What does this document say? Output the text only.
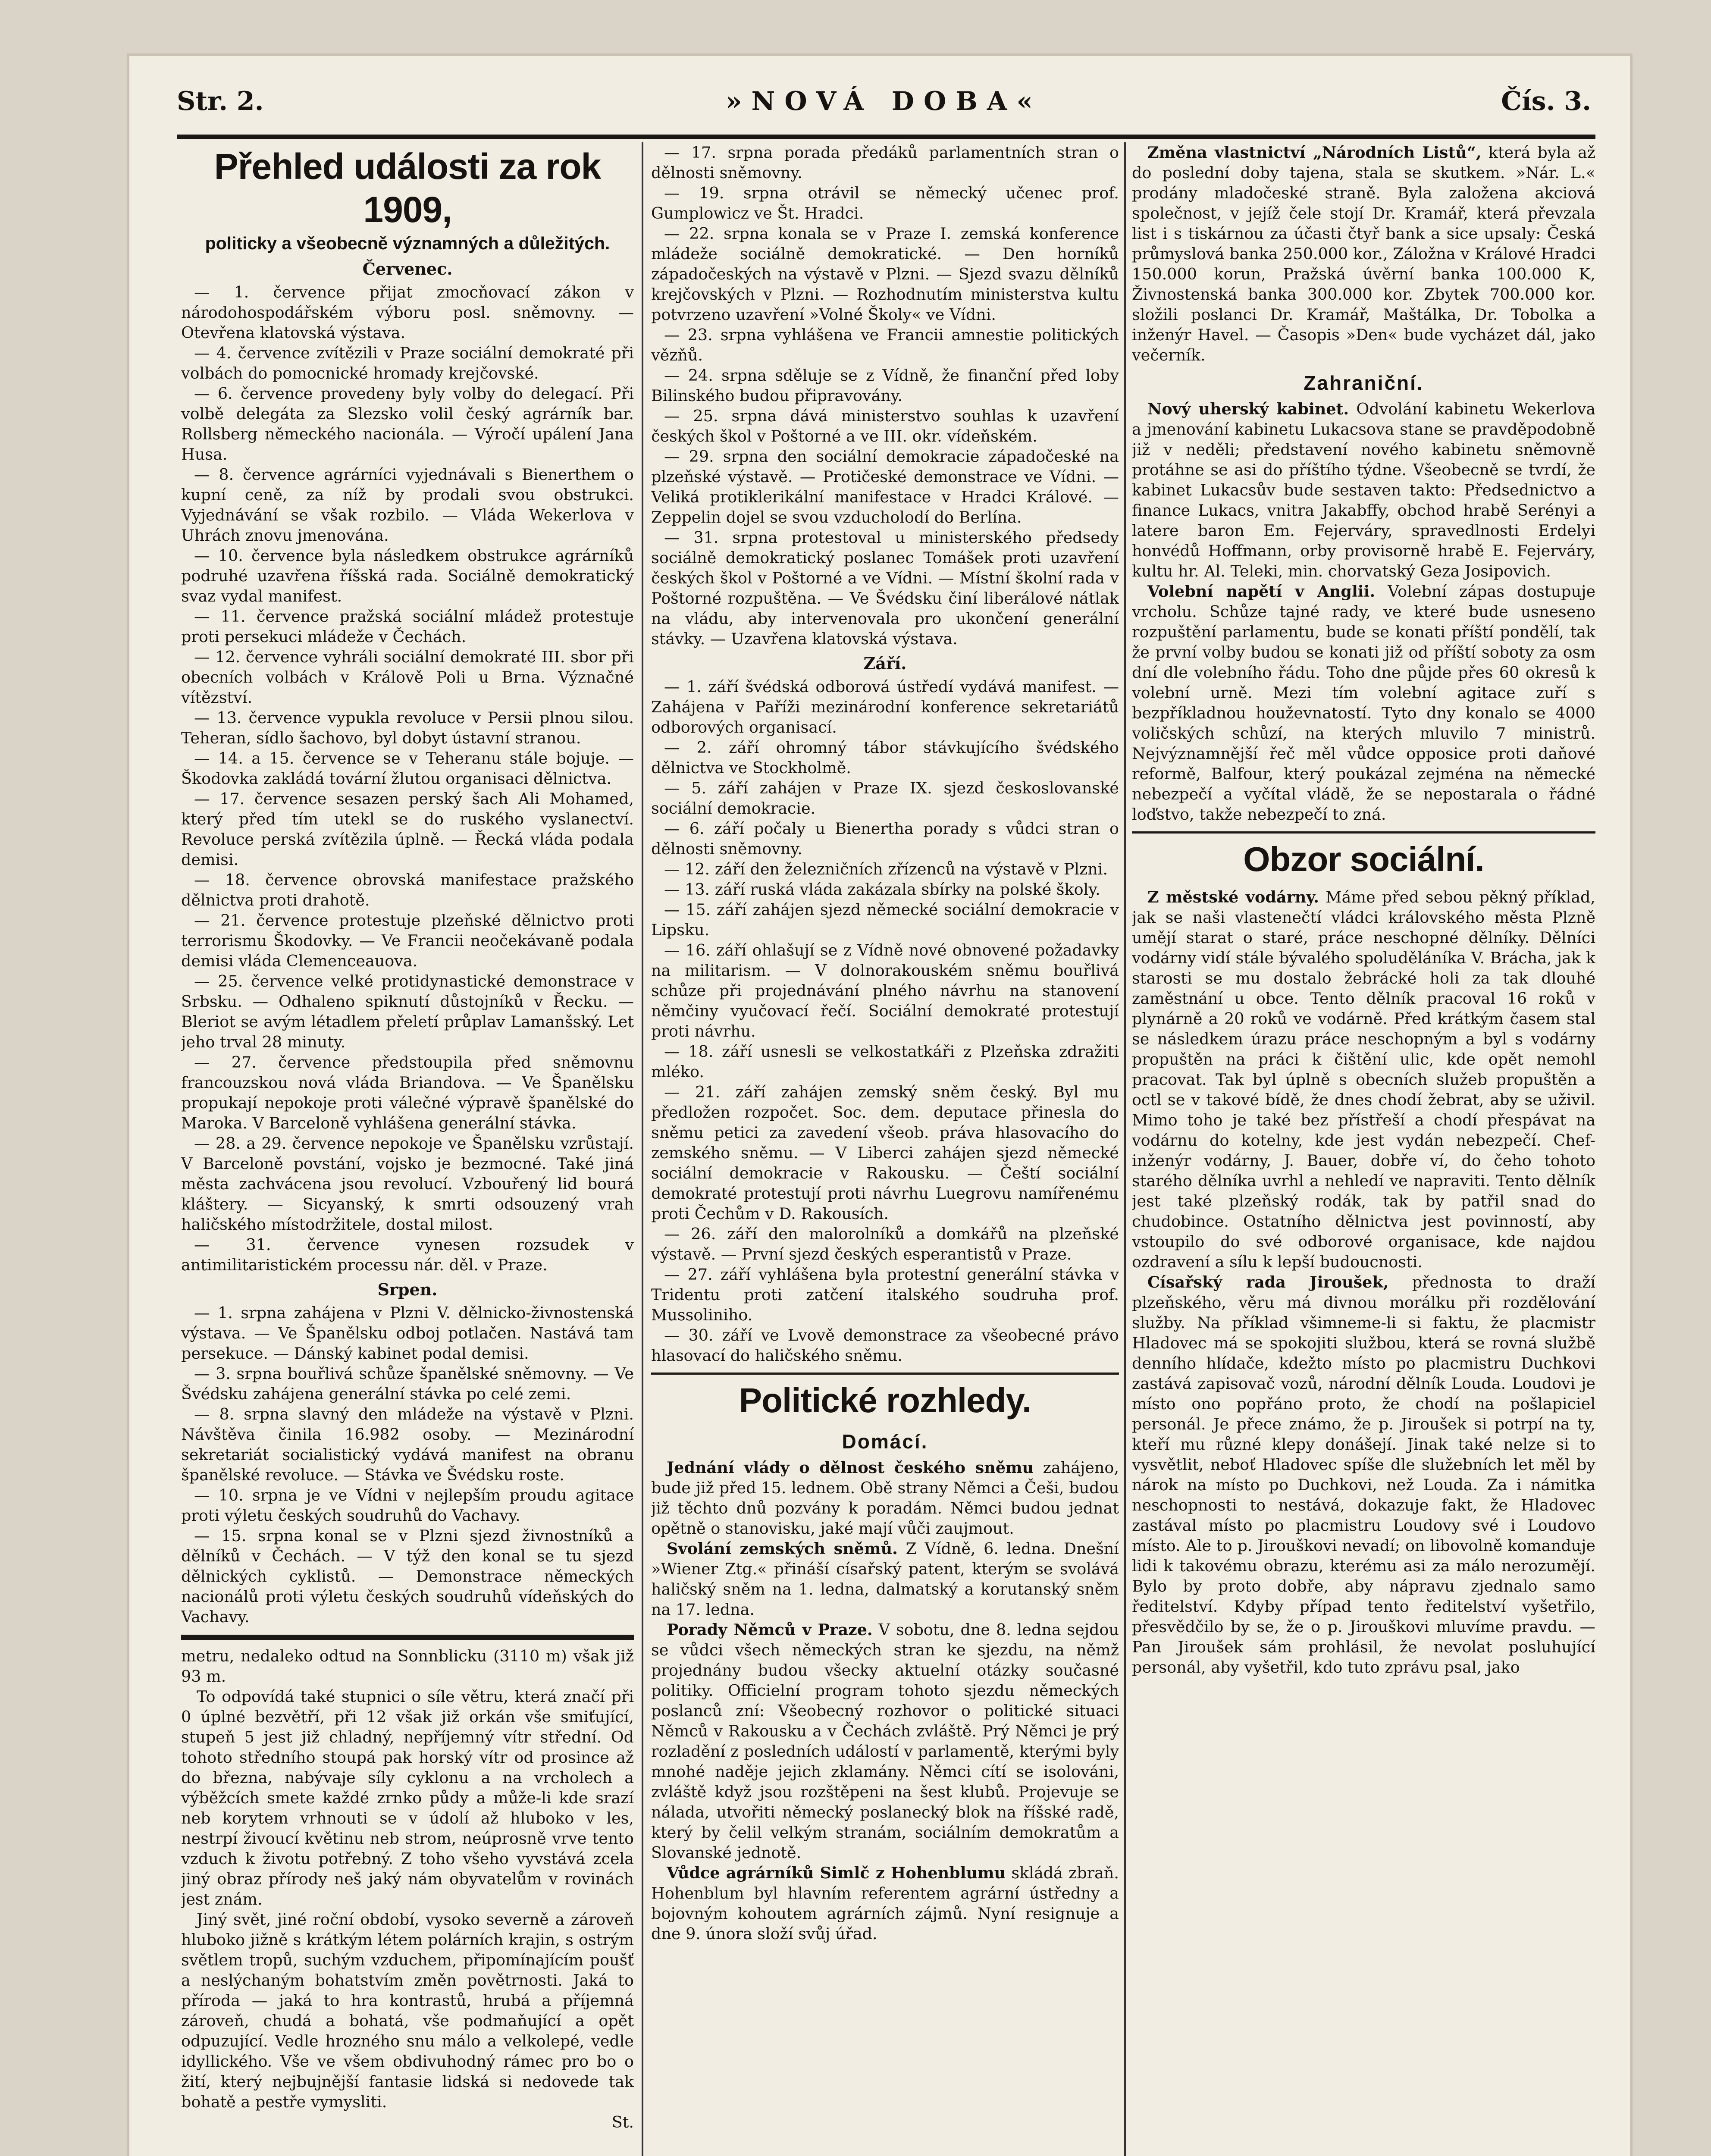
Str. 2.	»NOVÁ DOBA«	Čís. 3.
Přehled události za rok 1909,
politicky a všeobecně významných a důležitých.
Červenec.

— 1. července přijat zmocňovací zákon v národohospodářském výboru posl. sněmovny. — Otevřena klatovská výstava.

— 4. července zvítězili v Praze sociální demokraté při volbách do pomocnické hromady krejčovské.

— 6. července provedeny byly volby do delegací. Při volbě delegáta za Slezsko volil český agrárník bar. Rollsberg německého nacionála. — Výročí upálení Jana Husa.

— 8. července agrárníci vyjednávali s Bienerthem o kupní ceně, za níž by prodali svou obstrukci. Vyjednávání se však rozbilo. — Vláda Wekerlova v Uhrách znovu jmenována.

— 10. července byla následkem obstrukce agrárníků podruhé uzavřena říšská rada. Sociálně demokratický svaz vydal manifest.

— 11. července pražská sociální mládež protestuje proti persekuci mládeže v Čechách.

— 12. července vyhráli sociální demokraté III. sbor při obecních volbách v Králově Poli u Brna. Význačné vítězství.

— 13. července vypukla revoluce v Persii plnou silou. Teheran, sídlo šachovo, byl dobyt ústavní stranou.

— 14. a 15. července se v Teheranu stále bojuje. — Škodovka zakládá tovární žlutou organisaci dělnictva.

— 17. července sesazen perský šach Ali Mohamed, který před tím utekl se do ruského vyslanectví. Revoluce perská zvítězila úplně. — Řecká vláda podala demisi.

— 18. července obrovská manifestace pražského dělnictva proti drahotě.

— 21. července protestuje plzeňské dělnictvo proti terrorismu Škodovky. — Ve Francii neočekávaně podala demisi vláda Clemenceauova.

— 25. července velké protidynastické demonstrace v Srbsku. — Odhaleno spiknutí důstojníků v Řecku. — Bleriot se avým létadlem přeletí průplav Lamanšský. Let jeho trval 28 minuty.

— 27. července předstoupila před sněmovnu francouzskou nová vláda Briandova. — Ve Španělsku propukají nepokoje proti válečné výpravě španělské do Maroka. V Barceloně vyhlášena generální stávka.

— 28. a 29. července nepokoje ve Španělsku vzrůstají. V Barceloně povstání, vojsko je bezmocné. Také jiná města zachvácena jsou revolucí. Vzbouřený lid bourá kláštery. — Sicyanský, k smrti odsouzený vrah haličského místodržitele, dostal milost.

— 31. července vynesen rozsudek v antimilitaristickém processu nár. děl. v Praze.

Srpen.

— 1. srpna zahájena v Plzni V. dělnicko-živnostenská výstava. — Ve Španělsku odboj potlačen. Nastává tam persekuce. — Dánský kabinet podal demisi.

— 3. srpna bouřlivá schůze španělské sněmovny. — Ve Švédsku zahájena generální stávka po celé zemi.

— 8. srpna slavný den mládeže na výstavě v Plzni. Návštěva činila 16.982 osoby. — Mezinárodní sekretariát socialistický vydává manifest na obranu španělské revoluce. — Stávka ve Švédsku roste.

— 10. srpna je ve Vídni v nejlepším proudu agitace proti výletu českých soudruhů do Vachavy.

— 15. srpna konal se v Plzni sjezd živnostníků a dělníků v Čechách. — V týž den konal se tu sjezd dělnických cyklistů. — Demonstrace německých nacionálů proti výletu českých soudruhů vídeňských do Vachavy.

metru, nedaleko odtud na Sonnblicku (3110 m) však již 93 m.

To odpovídá také stupnici o síle větru, která značí při 0 úplné bezvětří, při 12 však již orkán vše smiťující, stupeň 5 jest již chladný, nepříjemný vítr střední. Od tohoto středního stoupá pak horský vítr od prosince až do března, nabývaje síly cyklonu a na vrcholech a výběžcích smete každé zrnko půdy a může-li kde srazí neb korytem vrhnouti se v údolí až hluboko v les, nestrpí živoucí květinu neb strom, neúprosně vrve tento vzduch k životu potřebný. Z toho všeho vyvstává zcela jiný obraz přírody neš jaký nám obyvatelům v rovinách jest znám.

Jiný svět, jiné roční období, vysoko severně a zároveň hluboko jižně s krátkým létem polárních krajin, s ostrým světlem tropů, suchým vzduchem, připomínajícím poušť a neslýchaným bohatstvím změn povětrnosti. Jaká to příroda — jaká to hra kontrastů, hrubá a příjemná zároveň, chudá a bohatá, vše podmaňující a opět odpuzující. Vedle hrozného snu málo a velkolepé, vedle idyllického. Vše ve všem obdivuhodný rámec pro bo o žití, který nejbujnější fantasie lidská si nedovede tak bohatě a pestře vymysliti.

St.

— 17. srpna porada předáků parlamentních stran o dělnosti sněmovny.

— 19. srpna otrávil se německý učenec prof. Gumplowicz ve Št. Hradci.

— 22. srpna konala se v Praze I. zemská konference mládeže sociálně demokratické. — Den horníků západočeských na výstavě v Plzni. — Sjezd svazu dělníků krejčovských v Plzni. — Rozhodnutím ministerstva kultu potvrzeno uzavření »Volné Školy« ve Vídni.

— 23. srpna vyhlášena ve Francii amnestie politických vězňů.

— 24. srpna sděluje se z Vídně, že finanční před loby Bilinského budou připravovány.

— 25. srpna dává ministerstvo souhlas k uzavření českých škol v Poštorné a ve III. okr. vídeňském.

— 29. srpna den sociální demokracie západočeské na plzeňské výstavě. — Protičeské demonstrace ve Vídni. — Veliká protiklerikální manifestace v Hradci Králové. — Zeppelin dojel se svou vzducholodí do Berlína.

— 31. srpna protestoval u ministerského předsedy sociálně demokratický poslanec Tomášek proti uzavření českých škol v Poštorné a ve Vídni. — Místní školní rada v Poštorné rozpuštěna. — Ve Švédsku činí liberálové nátlak na vládu, aby intervenovala pro ukončení generální stávky. — Uzavřena klatovská výstava.

Září.

— 1. září švédská odborová ústředí vydává manifest. — Zahájena v Paříži mezinárodní konference sekretariátů odborových organisací.

— 2. září ohromný tábor stávkujícího švédského dělnictva ve Stockholmě.

— 5. září zahájen v Praze IX. sjezd českoslovanské sociální demokracie.

— 6. září počaly u Bienertha porady s vůdci stran o dělnosti sněmovny.

— 12. září den železničních zřízenců na výstavě v Plzni.

— 13. září ruská vláda zakázala sbírky na polské školy.

— 15. září zahájen sjezd německé sociální demokracie v Lipsku.

— 16. září ohlašují se z Vídně nové obnovené požadavky na militarism. — V dolnorakouském sněmu bouřlivá schůze při projednávání plného návrhu na stanovení němčiny vyučovací řečí. Sociální demokraté protestují proti návrhu.

— 18. září usnesli se velkostatkáři z Plzeňska zdražiti mléko.

— 21. září zahájen zemský sněm český. Byl mu předložen rozpočet. Soc. dem. deputace přinesla do sněmu petici za zavedení všeob. práva hlasovacího do zemského sněmu. — V Liberci zahájen sjezd německé sociální demokracie v Rakousku. — Čeští sociální demokraté protestují proti návrhu Luegrovu namířenému proti Čechům v D. Rakousích.

— 26. září den malorolníků a domkářů na plzeňské výstavě. — První sjezd českých esperantistů v Praze.

— 27. září vyhlášena byla protestní generální stávka v Tridentu proti zatčení italského soudruha prof. Mussoliniho.

— 30. září ve Lvově demonstrace za všeobecné právo hlasovací do haličského sněmu.

Politické rozhledy.
Domácí.

Jednání vlády o dělnost českého sněmu zahájeno, bude již před 15. lednem. Obě strany Němci a Češi, budou již těchto dnů pozvány k poradám. Němci budou jednat opětně o stanovisku, jaké mají vůči zaujmout.

Svolání zemských sněmů. Z Vídně, 6. ledna. Dnešní »Wiener Ztg.« přináší císařský patent, kterým se svolává haličský sněm na 1. ledna, dalmatský a korutanský sněm na 17. ledna.

Porady Němců v Praze. V sobotu, dne 8. ledna sejdou se vůdci všech německých stran ke sjezdu, na němž projednány budou všecky aktuelní otázky současné politiky. Officielní program tohoto sjezdu německých poslanců zní: Všeobecný rozhovor o politické situaci Němců v Rakousku a v Čechách zvláště. Prý Němci je prý rozladění z posledních událostí v parlamentě, kterými byly mnohé naděje jejich zklamány. Němci cítí se isolováni, zvláště když jsou rozštěpeni na šest klubů. Projevuje se nálada, utvořiti německý poslanecký blok na říšské radě, který by čelil velkým stranám, sociálním demokratům a Slovanské jednotě.

Vůdce agrárníků Simlč z Hohenblumu skládá zbraň. Hohenblum byl hlavním referentem agrární ústředny a bojovným kohoutem agrárních zájmů. Nyní resignuje a dne 9. února složí svůj úřad.

Změna vlastnictví „Národních Listů“, která byla až do poslední doby tajena, stala se skutkem. »Nár. L.« prodány mladočeské straně. Byla založena akciová společnost, v jejíž čele stojí Dr. Kramář, která převzala list i s tiskárnou za účasti čtyř bank a sice upsaly: Česká průmyslová banka 250.000 kor., Záložna v Králové Hradci 150.000 korun, Pražská úvěrní banka 100.000 K, Živnostenská banka 300.000 kor. Zbytek 700.000 kor. složili poslanci Dr. Kramář, Maštálka, Dr. Tobolka a inženýr Havel. — Časopis »Den« bude vycházet dál, jako večerník.

Zahraniční.

Nový uherský kabinet. Odvolání kabinetu Wekerlova a jmenování kabinetu Lukacsova stane se pravděpodobně již v neděli; představení nového kabinetu sněmovně protáhne se asi do příštího týdne. Všeobecně se tvrdí, že kabinet Lukacsův bude sestaven takto: Předsednictvo a finance Lukacs, vnitra Jakabffy, obchod hrabě Serényi a latere baron Em. Fejerváry, spravedlnosti Erdelyi honvédů Hoffmann, orby provisorně hrabě E. Fejerváry, kultu hr. Al. Teleki, min. chorvatský Geza Josipovich.

Volební napětí v Anglii. Volební zápas dostupuje vrcholu. Schůze tajné rady, ve které bude usneseno rozpuštění parlamentu, bude se konati příští pondělí, tak že první volby budou se konati již od příští soboty za osm dní dle volebního řádu. Toho dne půjde přes 60 okresů k volební urně. Mezi tím volební agitace zuří s bezpříkladnou houževnatostí. Tyto dny konalo se 4000 voličských schůzí, na kterých mluvilo 7 ministrů. Nejvýznamnější řeč měl vůdce opposice proti daňové reformě, Balfour, který poukázal zejména na německé nebezpečí a vyčítal vládě, že se nepostarala o řádné loďstvo, takže nebezpečí to zná.

Obzor sociální.

Z městské vodárny. Máme před sebou pěkný příklad, jak se naši vlastenečtí vládci královského města Plzně umějí starat o staré, práce neschopné dělníky. Dělníci vodárny vidí stále bývalého spoluděláníka V. Brácha, jak k starosti se mu dostalo žebrácké holi za tak dlouhé zaměstnání u obce. Tento dělník pracoval 16 roků v plynárně a 20 roků ve vodárně. Před krátkým časem stal se následkem úrazu práce neschopným a byl s vodárny propuštěn na práci k čištění ulic, kde opět nemohl pracovat. Tak byl úplně s obecních služeb propuštěn a octl se v takové bídě, že dnes chodí žebrat, aby se uživil. Mimo toho je také bez přístřeší a chodí přespávat na vodárnu do kotelny, kde jest vydán nebezpečí. Chef-inženýr vodárny, J. Bauer, dobře ví, do čeho tohoto starého dělníka uvrhl a nehledí ve napraviti. Tento dělník jest také plzeňský rodák, tak by patřil snad do chudobince. Ostatního dělnictva jest povinností, aby vstoupilo do své odborové organisace, kde najdou ozdravení a sílu k lepší budoucnosti.

Císařský rada Jiroušek, přednosta to draží plzeňského, věru má divnou morálku při rozdělování služby. Na příklad všimneme-li si faktu, že placmistr Hladovec má se spokojiti službou, která se rovná službě denního hlídače, kdežto místo po placmistru Duchkovi zastává zapisovač vozů, národní dělník Louda. Loudovi je místo ono popřáno proto, že chodí na pošlapiciel personál. Je přece známo, že p. Jiroušek si potrpí na ty, kteří mu různé klepy donášejí. Jinak také nelze si to vysvětlit, neboť Hladovec spíše dle služebních let měl by nárok na místo po Duchkovi, než Louda. Za i námitka neschopnosti to nestává, dokazuje fakt, že Hladovec zastával místo po placmistru Loudovy své i Loudovo místo. Ale to p. Jirouškovi nevadí; on libovolně komanduje lidi k takovému obrazu, kterému asi za málo nerozumějí. Bylo by proto dobře, aby nápravu zjednalo samo ředitelství. Kdyby případ tento ředitelství vyšetřilo, přesvědčilo by se, že o p. Jirouškovi mluvíme pravdu. — Pan Jiroušek sám prohlásil, že nevolat posluhující personál, aby vyšetřil, kdo tuto zprávu psal, jako
